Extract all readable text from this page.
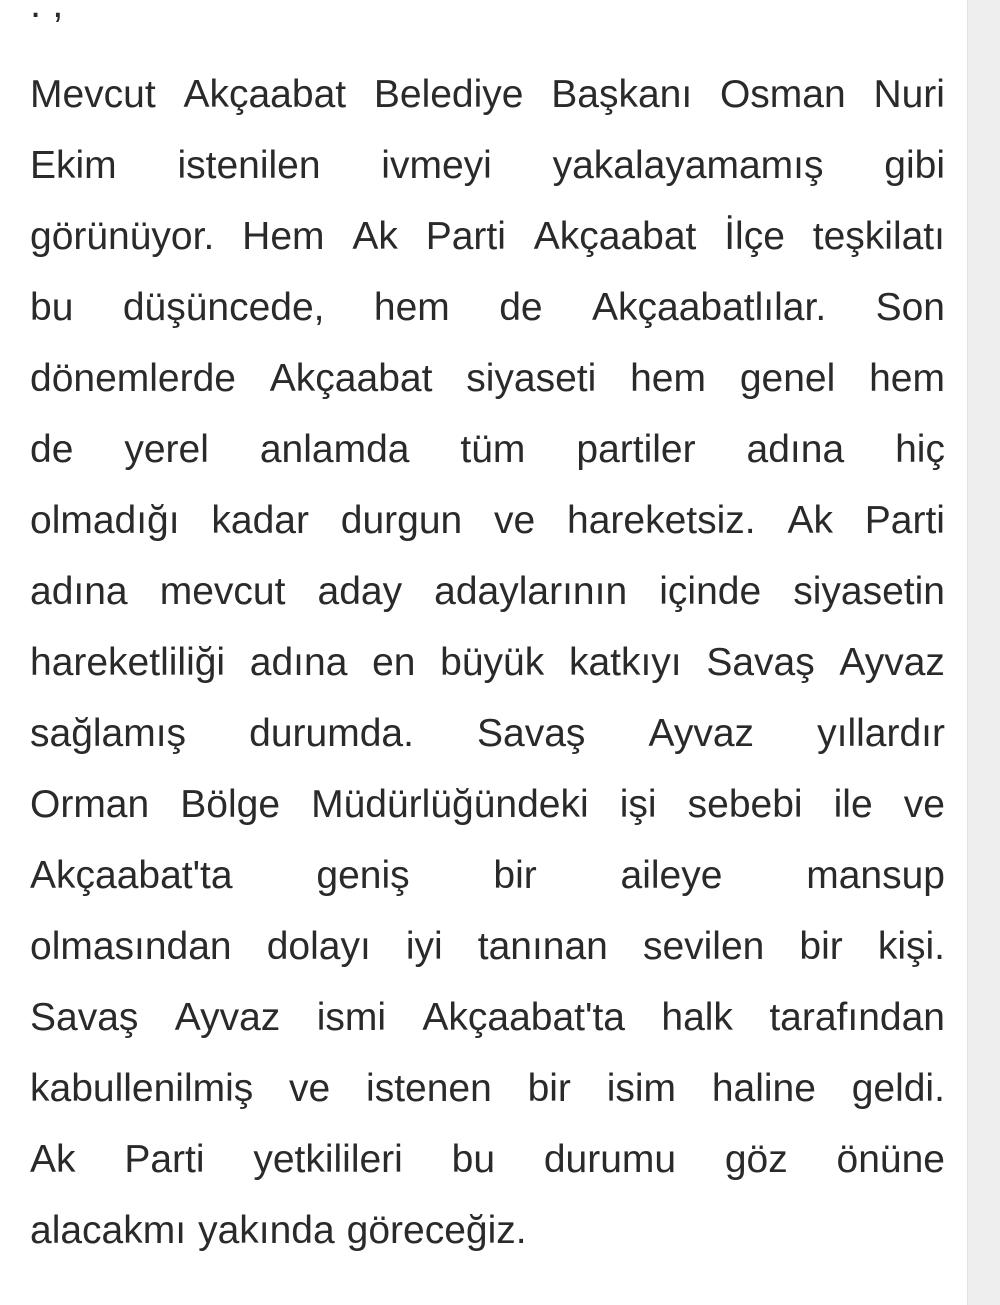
. ,
Mevcut Akçaabat Belediye Başkanı Osman Nuri
Ekim istenilen ivmeyi yakalayamamış gibi
görünüyor. Hem Ak Parti Akçaabat İlçe teşkilatı
bu düşüncede, hem de Akçaabatlılar. Son
dönemlerde Akçaabat siyaseti hem genel hem
de yerel anlamda tüm partiler adına hiç
olmadığı kadar durgun ve hareketsiz. Ak Parti
adına mevcut aday adaylarının içinde siyasetin
hareketliliği adına en büyük katkıyı Savaş Ayvaz
sağlamış durumda. Savaş Ayvaz yıllardır
Orman Bölge Müdürlüğündeki işi sebebi ile ve
Akçaabat'ta geniş bir aileye mansup
olmasından dolayı iyi tanınan sevilen bir kişi.
Savaş Ayvaz ismi Akçaabat'ta halk tarafından
kabullenilmiş ve istenen bir isim haline geldi.
Ak Parti yetkilileri bu durumu göz önüne
alacakmı yakında göreceğiz.
